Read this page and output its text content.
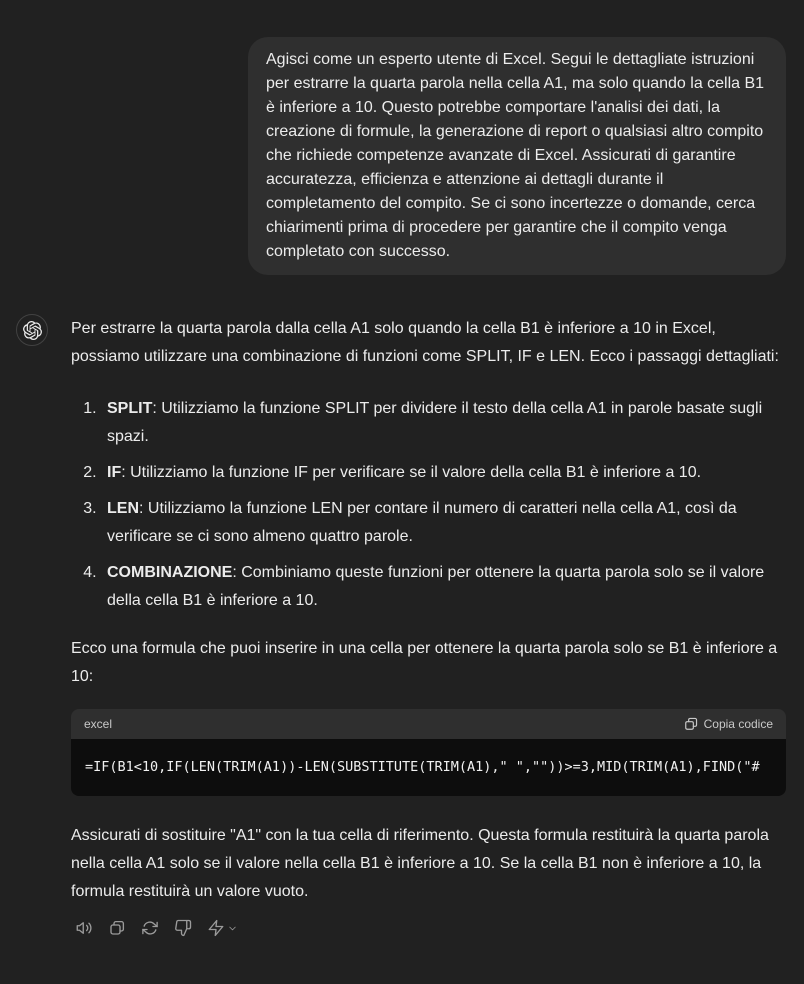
Agisci come un esperto utente di Excel. Segui le dettagliate istruzioni per estrarre la quarta parola nella cella A1, ma solo quando la cella B1 è inferiore a 10. Questo potrebbe comportare l'analisi dei dati, la creazione di formule, la generazione di report o qualsiasi altro compito che richiede competenze avanzate di Excel. Assicurati di garantire accuratezza, efficienza e attenzione ai dettagli durante il completamento del compito. Se ci sono incertezze o domande, cerca chiarimenti prima di procedere per garantire che il compito venga completato con successo.

Per estrarre la quarta parola dalla cella A1 solo quando la cella B1 è inferiore a 10 in Excel, possiamo utilizzare una combinazione di funzioni come SPLIT, IF e LEN. Ecco i passaggi dettagliati:

1. SPLIT: Utilizziamo la funzione SPLIT per dividere il testo della cella A1 in parole basate sugli spazi.
2. IF: Utilizziamo la funzione IF per verificare se il valore della cella B1 è inferiore a 10.
3. LEN: Utilizziamo la funzione LEN per contare il numero di caratteri nella cella A1, così da verificare se ci sono almeno quattro parole.
4. COMBINAZIONE: Combiniamo queste funzioni per ottenere la quarta parola solo se il valore della cella B1 è inferiore a 10.

Ecco una formula che puoi inserire in una cella per ottenere la quarta parola solo se B1 è inferiore a 10:

excel	Copia codice
=IF(B1<10,IF(LEN(TRIM(A1))-LEN(SUBSTITUTE(TRIM(A1)," ",""))>=3,MID(TRIM(A1),FIND("#

Assicurati di sostituire "A1" con la tua cella di riferimento. Questa formula restituirà la quarta parola nella cella A1 solo se il valore nella cella B1 è inferiore a 10. Se la cella B1 non è inferiore a 10, la formula restituirà un valore vuoto.
